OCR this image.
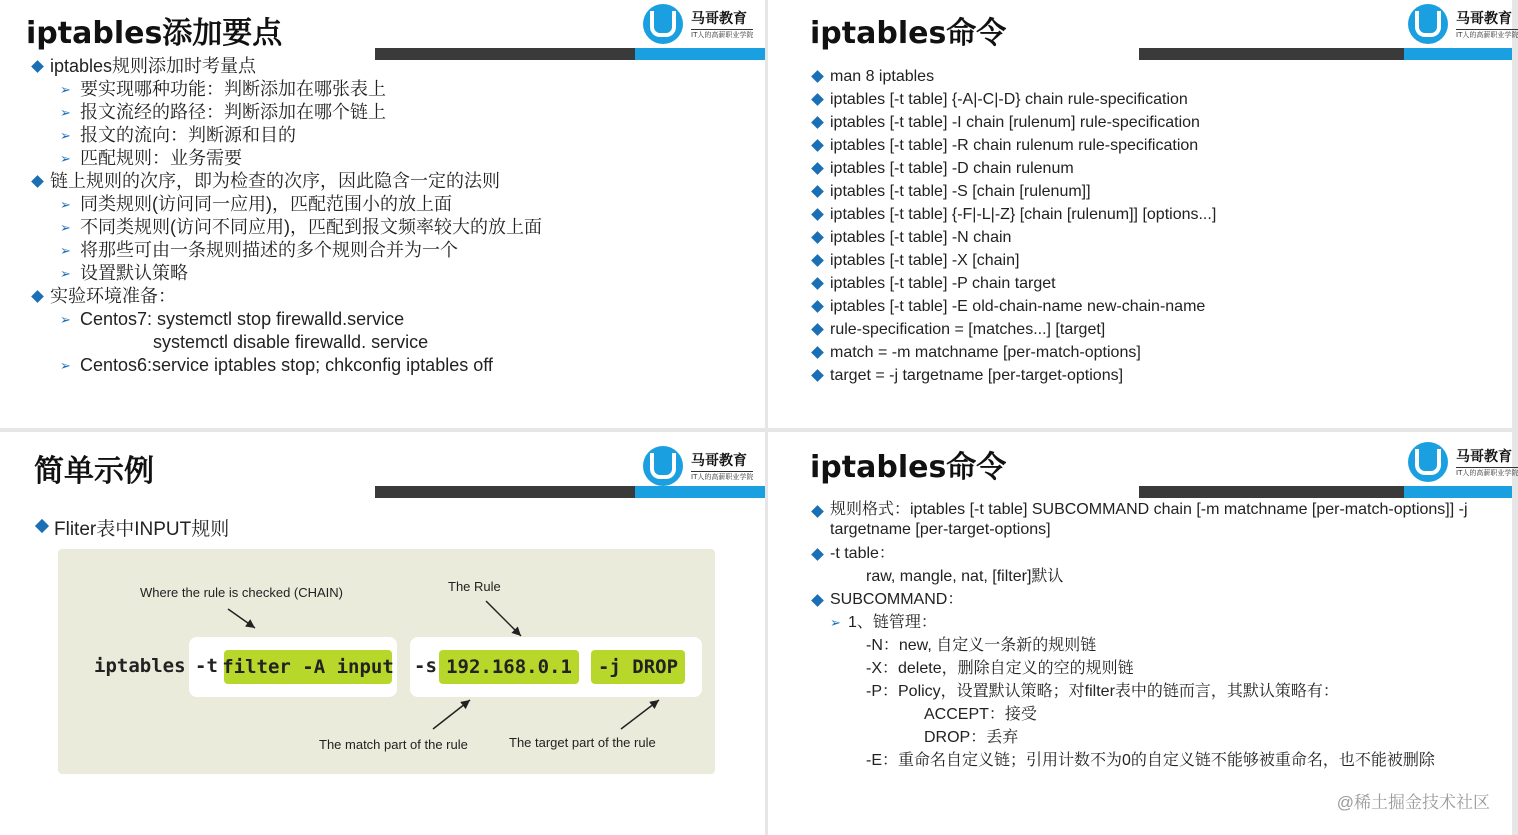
iptables添加要点	马哥教育
IT人的高薪职业学院
iptables规则添加时考量点
➢ 要实现哪种功能：判断添加在哪张表上
➢ 报文流经的路径：判断添加在哪个链上
➢ 报文的流向：判断源和目的
➢ 匹配规则：业务需要
链上规则的次序，即为检查的次序，因此隐含一定的法则
➢ 同类规则(访问同一应用)，匹配范围小的放上面
➢ 不同类规则(访问不同应用)，匹配到报文频率较大的放上面
➢ 将那些可由一条规则描述的多个规则合并为一个
➢ 设置默认策略
实验环境准备：
➢ Centos7: systemctl stop firewalld.service
systemctl disable firewalld. service
➢ Centos6:service iptables stop; chkconfig iptables off
iptables命令	马哥教育
IT人的高薪职业学院
man 8 iptables
iptables [-t table] {-A|-C|-D} chain rule-specification
iptables [-t table] -I chain [rulenum] rule-specification
iptables [-t table] -R chain rulenum rule-specification
iptables [-t table] -D chain rulenum
iptables [-t table] -S [chain [rulenum]]
iptables [-t table] {-F|-L|-Z} [chain [rulenum]] [options...]
iptables [-t table] -N chain
iptables [-t table] -X [chain]
iptables [-t table] -P chain target
iptables [-t table] -E old-chain-name new-chain-name
rule-specification = [matches...] [target]
match = -m matchname [per-match-options]
target = -j targetname [per-target-options]
简单示例	马哥教育
IT人的高薪职业学院
Fliter表中INPUT规则
Where the rule is checked (CHAIN)	The Rule
The match part of the rule	The target part of the rule
iptables -t filter -A input -s 192.168.0.1	-j DROP
iptables命令	马哥教育
IT人的高薪职业学院
规则格式：iptables [-t table] SUBCOMMAND chain [-m matchname [per-match-options]] -j targetname [per-target-options]
-t table：
raw, mangle, nat, [filter]默认
SUBCOMMAND：
➢ 1、链管理：
-N：new, 自定义一条新的规则链
-X：delete，删除自定义的空的规则链
-P：Policy，设置默认策略；对filter表中的链而言，其默认策略有：
ACCEPT：接受
DROP：丢弃
-E：重命名自定义链；引用计数不为0的自定义链不能够被重命名，也不能被删除
@稀土掘金技术社区
